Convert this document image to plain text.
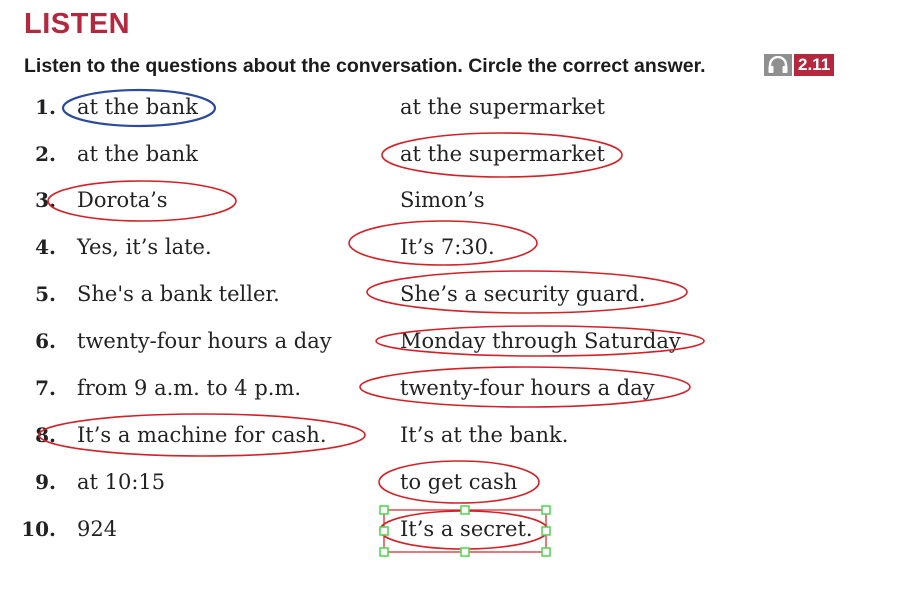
LISTEN
Listen to the questions about the conversation. Circle the correct answer.	2.11
1. at the bank	at the supermarket
2. at the bank	at the supermarket
3. Dorota’s	Simon’s
4. Yes, it’s late.	It’s 7:30.
5. She's a bank teller.	She’s a security guard.
6. twenty-four hours a day	Monday through Saturday
7. from 9 a.m. to 4 p.m.	twenty-four hours a day
8. It’s a machine for cash.	It’s at the bank.
9. at 10:15	to get cash
10. 924	It’s a secret.
